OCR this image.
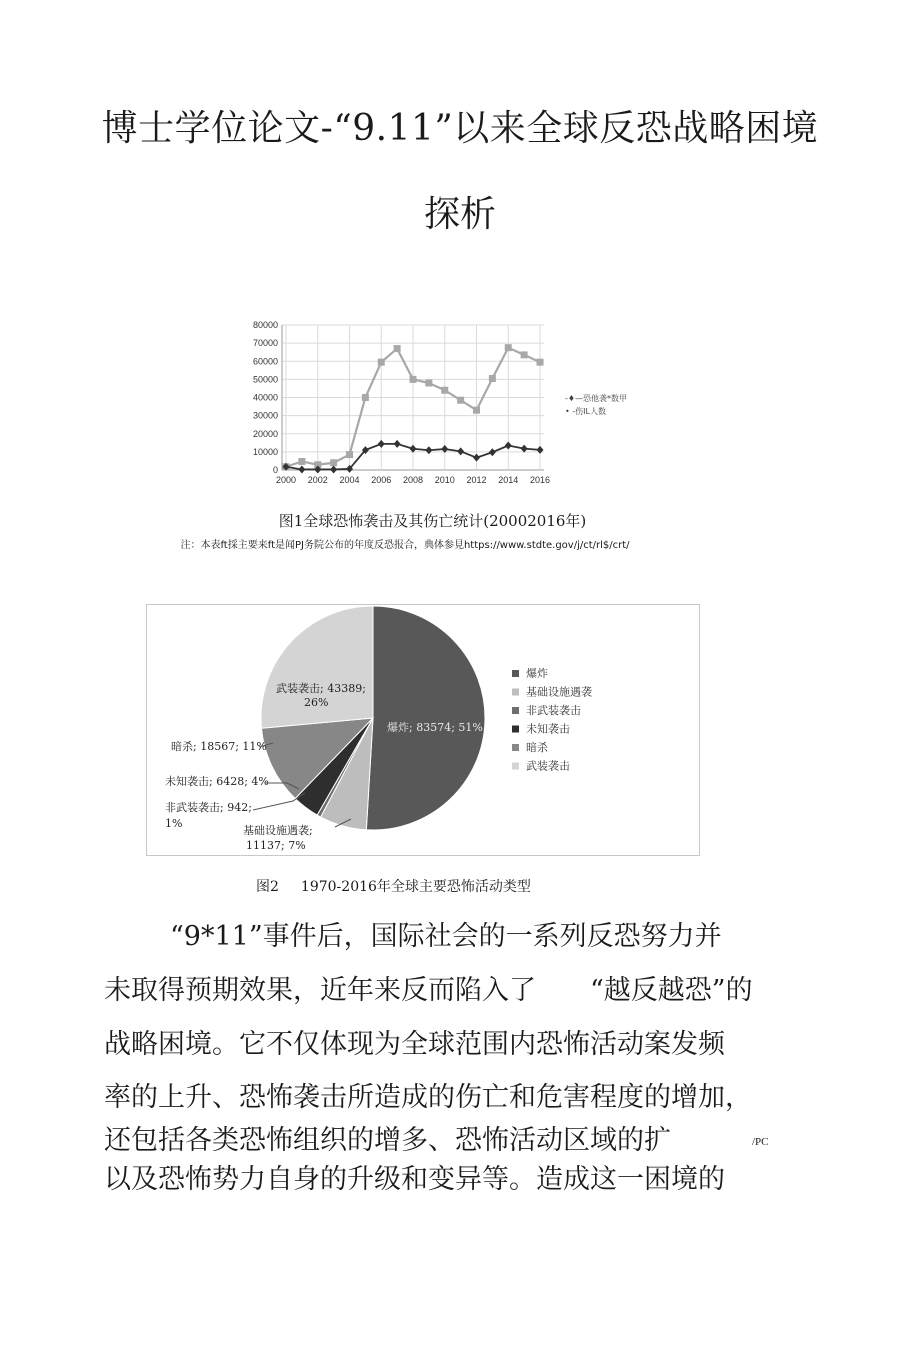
博士学位论文-“9.11”以来全球反恐战略困境
探析
0
10000
20000
30000
40000
50000
60000
70000
80000
2000 2002 2004 2006 2008 2010 2012 2014 2016
-♦—恐他袭*数甲
• -伤IL人数
图1全球恐怖袭击及其伤亡统计(20002016年)
注：本表ft採主要来ft是闻PJ务院公布的年度反恐报合，典体参見https://www.stdte.gov/j/ct/rl$/crt/
爆炸; 83574; 51%
基础设施遇袭;
11137; 7%
非武装袭击; 942;
1%
未知袭击; 6428; 4%
暗杀; 18567; 11%
武装袭击; 43389;
26%
爆炸
基础设施遇袭
非武装袭击
未知袭击
暗杀
武装袭击
图2 1970-2016年全球主要恐怖活动类型
“9*11”事件后，国际社会的一系列反恐努力并
未取得预期效果，近年来反而陷入了　　“越反越恐”的
战略困境。它不仅体现为全球范围内恐怖活动案发频
率的上升、恐怖袭击所造成的伤亡和危害程度的增加，
还包括各类恐怖组织的增多、恐怖活动区域的扩	/PC
以及恐怖势力自身的升级和变异等。造成这一困境的
